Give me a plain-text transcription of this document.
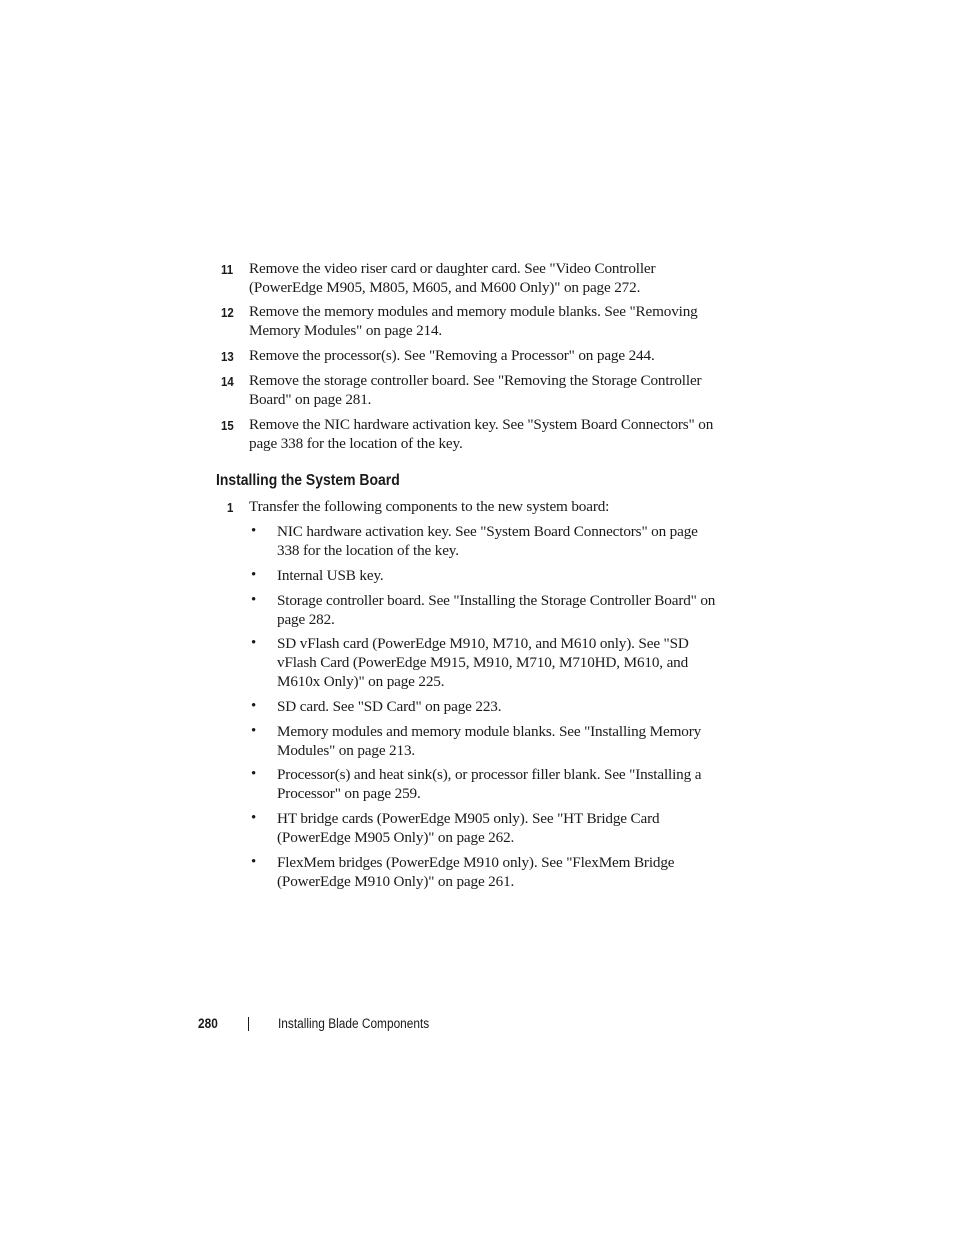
11 Remove the video riser card or daughter card. See "Video Controller (PowerEdge M905, M805, M605, and M600 Only)" on page 272.
12 Remove the memory modules and memory module blanks. See "Removing Memory Modules" on page 214.
13 Remove the processor(s). See "Removing a Processor" on page 244.
14 Remove the storage controller board. See "Removing the Storage Controller Board" on page 281.
15 Remove the NIC hardware activation key. See "System Board Connectors" on page 338 for the location of the key.
Installing the System Board
1 Transfer the following components to the new system board:
• NIC hardware activation key. See "System Board Connectors" on page 338 for the location of the key.
• Internal USB key.
• Storage controller board. See "Installing the Storage Controller Board" on page 282.
• SD vFlash card (PowerEdge M910, M710, and M610 only). See "SD vFlash Card (PowerEdge M915, M910, M710, M710HD, M610, and M610x Only)" on page 225.
• SD card. See "SD Card" on page 223.
• Memory modules and memory module blanks. See "Installing Memory Modules" on page 213.
• Processor(s) and heat sink(s), or processor filler blank. See "Installing a Processor" on page 259.
• HT bridge cards (PowerEdge M905 only). See "HT Bridge Card (PowerEdge M905 Only)" on page 262.
• FlexMem bridges (PowerEdge M910 only). See "FlexMem Bridge (PowerEdge M910 Only)" on page 261.
280	Installing Blade Components
